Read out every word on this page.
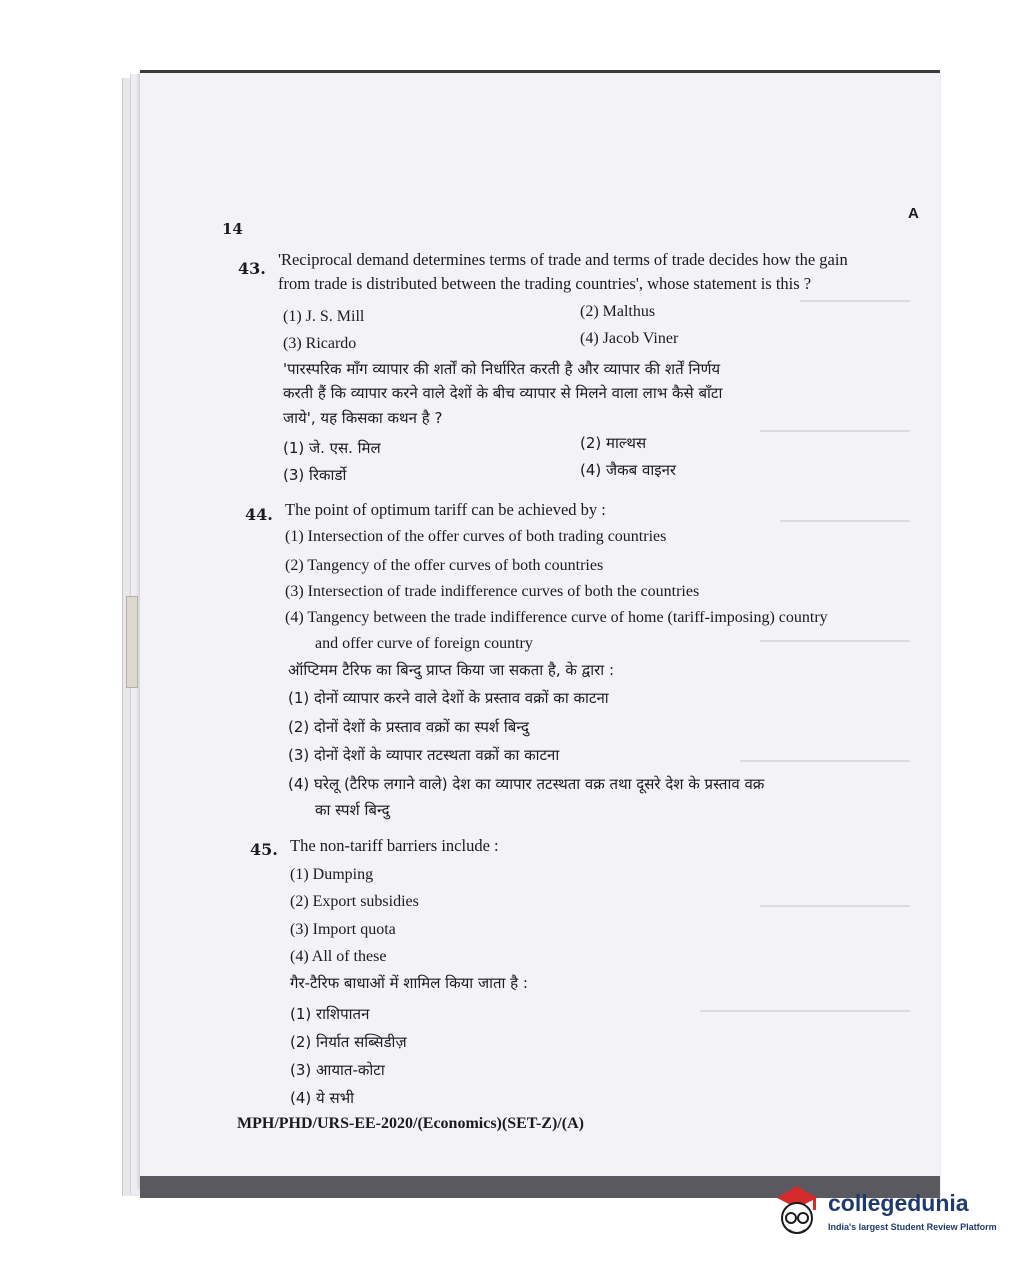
14
A
43. 'Reciprocal demand determines terms of trade and terms of trade decides how the gain
from trade is distributed between the trading countries', whose statement is this ?
(1) J. S. Mill	(2) Malthus
(3) Ricardo	(4) Jacob Viner
'पारस्परिक माँग व्यापार की शर्तों को निर्धारित करती है और व्यापार की शर्तें निर्णय
करती हैं कि व्यापार करने वाले देशों के बीच व्यापार से मिलने वाला लाभ कैसे बाँटा
जाये', यह किसका कथन है ?
(1) जे. एस. मिल	(2) माल्थस
(3) रिकार्डो	(4) जैकब वाइनर
44. The point of optimum tariff can be achieved by :
(1) Intersection of the offer curves of both trading countries
(2) Tangency of the offer curves of both countries
(3) Intersection of trade indifference curves of both the countries
(4) Tangency between the trade indifference curve of home (tariff-imposing) country
and offer curve of foreign country
ऑप्टिमम टैरिफ का बिन्दु प्राप्त किया जा सकता है, के द्वारा :
(1) दोनों व्यापार करने वाले देशों के प्रस्ताव वक्रों का काटना
(2) दोनों देशों के प्रस्ताव वक्रों का स्पर्श बिन्दु
(3) दोनों देशों के व्यापार तटस्थता वक्रों का काटना
(4) घरेलू (टैरिफ लगाने वाले) देश का व्यापार तटस्थता वक्र तथा दूसरे देश के प्रस्ताव वक्र
का स्पर्श बिन्दु
45. The non-tariff barriers include :
(1) Dumping
(2) Export subsidies
(3) Import quota
(4) All of these
गैर-टैरिफ बाधाओं में शामिल किया जाता है :
(1) राशिपातन
(2) निर्यात सब्सिडीज़
(3) आयात-कोटा
(4) ये सभी
MPH/PHD/URS-EE-2020/(Economics)(SET-Z)/(A)
collegedunia
India's largest Student Review Platform
